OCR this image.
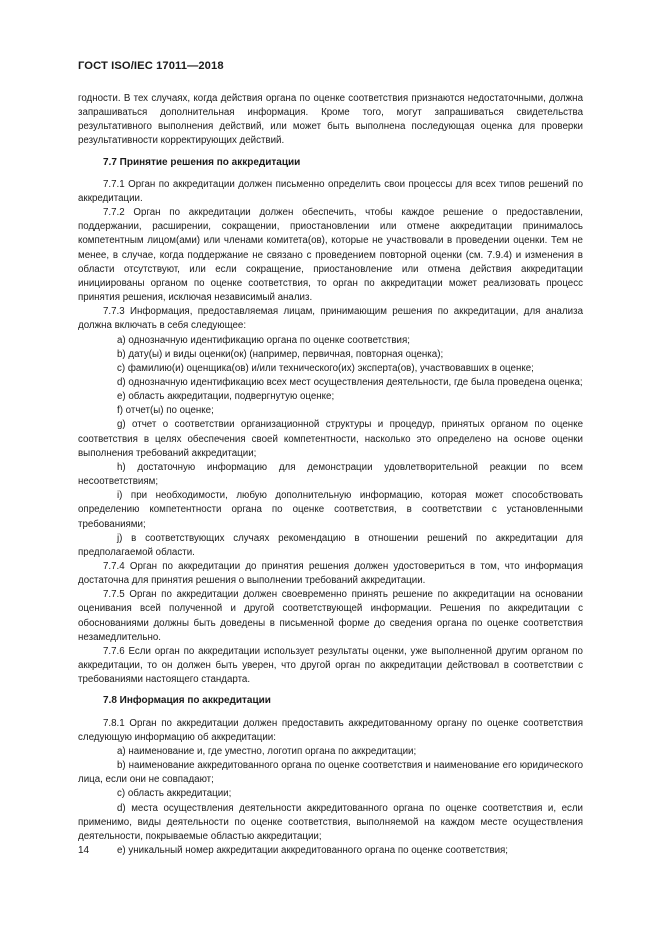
ГОСТ ISO/IEC 17011—2018

годности. В тех случаях, когда действия органа по оценке соответствия признаются недостаточными, должна запрашиваться дополнительная информация. Кроме того, могут запрашиваться свидетельства результативного выполнения действий, или может быть выполнена последующая оценка для проверки результативности корректирующих действий.

7.7 Принятие решения по аккредитации

7.7.1 Орган по аккредитации должен письменно определить свои процессы для всех типов решений по аккредитации.

7.7.2 Орган по аккредитации должен обеспечить, чтобы каждое решение о предоставлении, поддержании, расширении, сокращении, приостановлении или отмене аккредитации принималось компетентным лицом(ами) или членами комитета(ов), которые не участвовали в проведении оценки. Тем не менее, в случае, когда поддержание не связано с проведением повторной оценки (см. 7.9.4) и изменения в области отсутствуют, или если сокращение, приостановление или отмена действия аккредитации инициированы органом по оценке соответствия, то орган по аккредитации может реализовать процесс принятия решения, исключая независимый анализ.

7.7.3 Информация, предоставляемая лицам, принимающим решения по аккредитации, для анализа должна включать в себя следующее:

a) однозначную идентификацию органа по оценке соответствия;

b) дату(ы) и виды оценки(ок) (например, первичная, повторная оценка);

c) фамилию(и) оценщика(ов) и/или технического(их) эксперта(ов), участвовавших в оценке;

d) однозначную идентификацию всех мест осуществления деятельности, где была проведена оценка;

e) область аккредитации, подвергнутую оценке;

f) отчет(ы) по оценке;

g) отчет о соответствии организационной структуры и процедур, принятых органом по оценке соответствия в целях обеспечения своей компетентности, насколько это определено на основе оценки выполнения требований аккредитации;

h) достаточную информацию для демонстрации удовлетворительной реакции по всем несоответствиям;

i) при необходимости, любую дополнительную информацию, которая может способствовать определению компетентности органа по оценке соответствия, в соответствии с установленными требованиями;

j) в соответствующих случаях рекомендацию в отношении решений по аккредитации для предполагаемой области.

7.7.4 Орган по аккредитации до принятия решения должен удостовериться в том, что информация достаточна для принятия решения о выполнении требований аккредитации.

7.7.5 Орган по аккредитации должен своевременно принять решение по аккредитации на основании оценивания всей полученной и другой соответствующей информации. Решения по аккредитации с обоснованиями должны быть доведены в письменной форме до сведения органа по оценке соответствия незамедлительно.

7.7.6 Если орган по аккредитации использует результаты оценки, уже выполненной другим органом по аккредитации, то он должен быть уверен, что другой орган по аккредитации действовал в соответствии с требованиями настоящего стандарта.

7.8 Информация по аккредитации

7.8.1 Орган по аккредитации должен предоставить аккредитованному органу по оценке соответствия следующую информацию об аккредитации:

a) наименование и, где уместно, логотип органа по аккредитации;

b) наименование аккредитованного органа по оценке соответствия и наименование его юридического лица, если они не совпадают;

c) область аккредитации;

d) места осуществления деятельности аккредитованного органа по оценке соответствия и, если применимо, виды деятельности по оценке соответствия, выполняемой на каждом месте осуществления деятельности, покрываемые областью аккредитации;

e) уникальный номер аккредитации аккредитованного органа по оценке соответствия;

14
